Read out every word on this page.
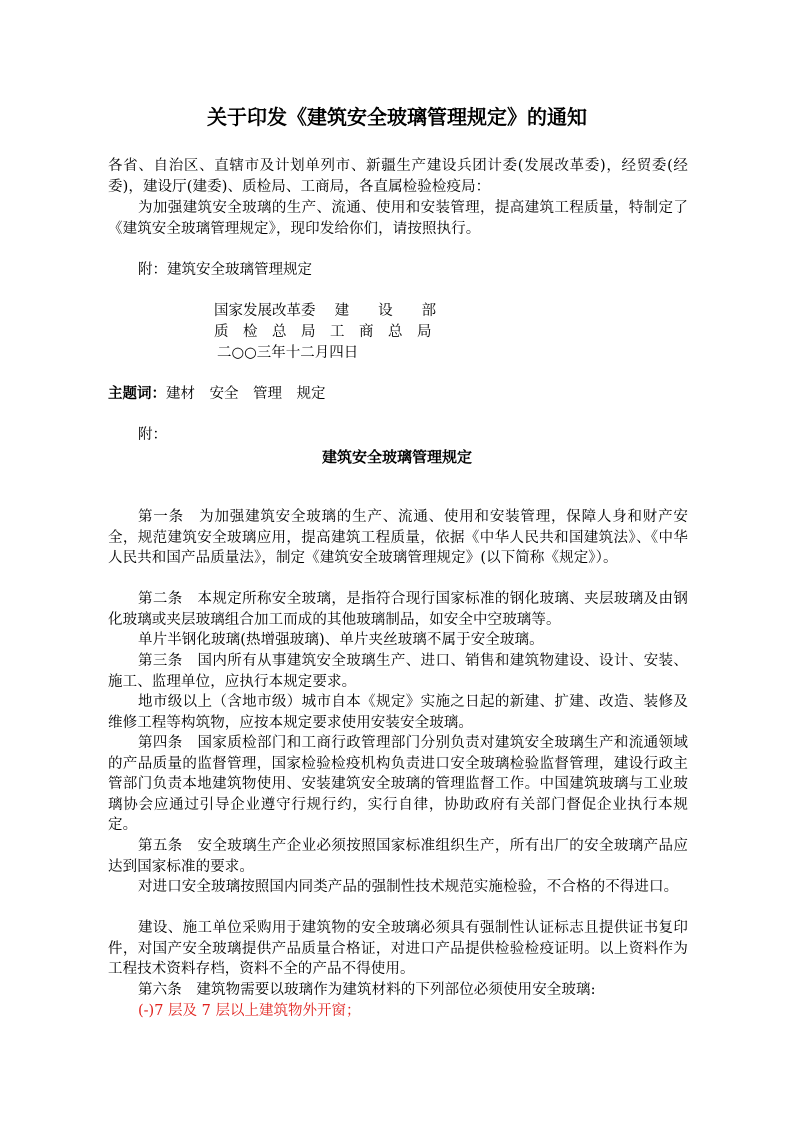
关于印发《建筑安全玻璃管理规定》的通知
各省、自治区、直辖市及计划单列市、新疆生产建设兵团计委(发展改革委)，经贸委(经委)，建设厅(建委)、质检局、工商局，各直属检验检疫局：
为加强建筑安全玻璃的生产、流通、使用和安装管理，提高建筑工程质量，特制定了《建筑安全玻璃管理规定》，现印发给你们，请按照执行。
附：建筑安全玻璃管理规定
国家发展改革委　 建　　设　　部
质　检　总　局　工　商　总　局
二○○三年十二月四日
主题词：建材　安全　管理　规定
附：
建筑安全玻璃管理规定
第一条　为加强建筑安全玻璃的生产、流通、使用和安装管理，保障人身和财产安全，规范建筑安全玻璃应用，提高建筑工程质量，依据《中华人民共和国建筑法》、《中华人民共和国产品质量法》，制定《建筑安全玻璃管理规定》(以下简称《规定》）。
第二条　本规定所称安全玻璃，是指符合现行国家标准的钢化玻璃、夹层玻璃及由钢化玻璃或夹层玻璃组合加工而成的其他玻璃制品，如安全中空玻璃等。
单片半钢化玻璃(热增强玻璃)、单片夹丝玻璃不属于安全玻璃。
第三条　国内所有从事建筑安全玻璃生产、进口、销售和建筑物建设、设计、安装、施工、监理单位，应执行本规定要求。
地市级以上（含地市级）城市自本《规定》实施之日起的新建、扩建、改造、装修及维修工程等构筑物，应按本规定要求使用安装安全玻璃。
第四条　国家质检部门和工商行政管理部门分别负责对建筑安全玻璃生产和流通领域的产品质量的监督管理，国家检验检疫机构负责进口安全玻璃检验监督管理，建设行政主管部门负责本地建筑物使用、安装建筑安全玻璃的管理监督工作。中国建筑玻璃与工业玻璃协会应通过引导企业遵守行规行约，实行自律，协助政府有关部门督促企业执行本规定。
第五条　安全玻璃生产企业必须按照国家标准组织生产，所有出厂的安全玻璃产品应达到国家标准的要求。
对进口安全玻璃按照国内同类产品的强制性技术规范实施检验，不合格的不得进口。
建设、施工单位采购用于建筑物的安全玻璃必须具有强制性认证标志且提供证书复印件，对国产安全玻璃提供产品质量合格证，对进口产品提供检验检疫证明。以上资料作为工程技术资料存档，资料不全的产品不得使用。
第六条　建筑物需要以玻璃作为建筑材料的下列部位必须使用安全玻璃:
(-)7 层及 7 层以上建筑物外开窗；
